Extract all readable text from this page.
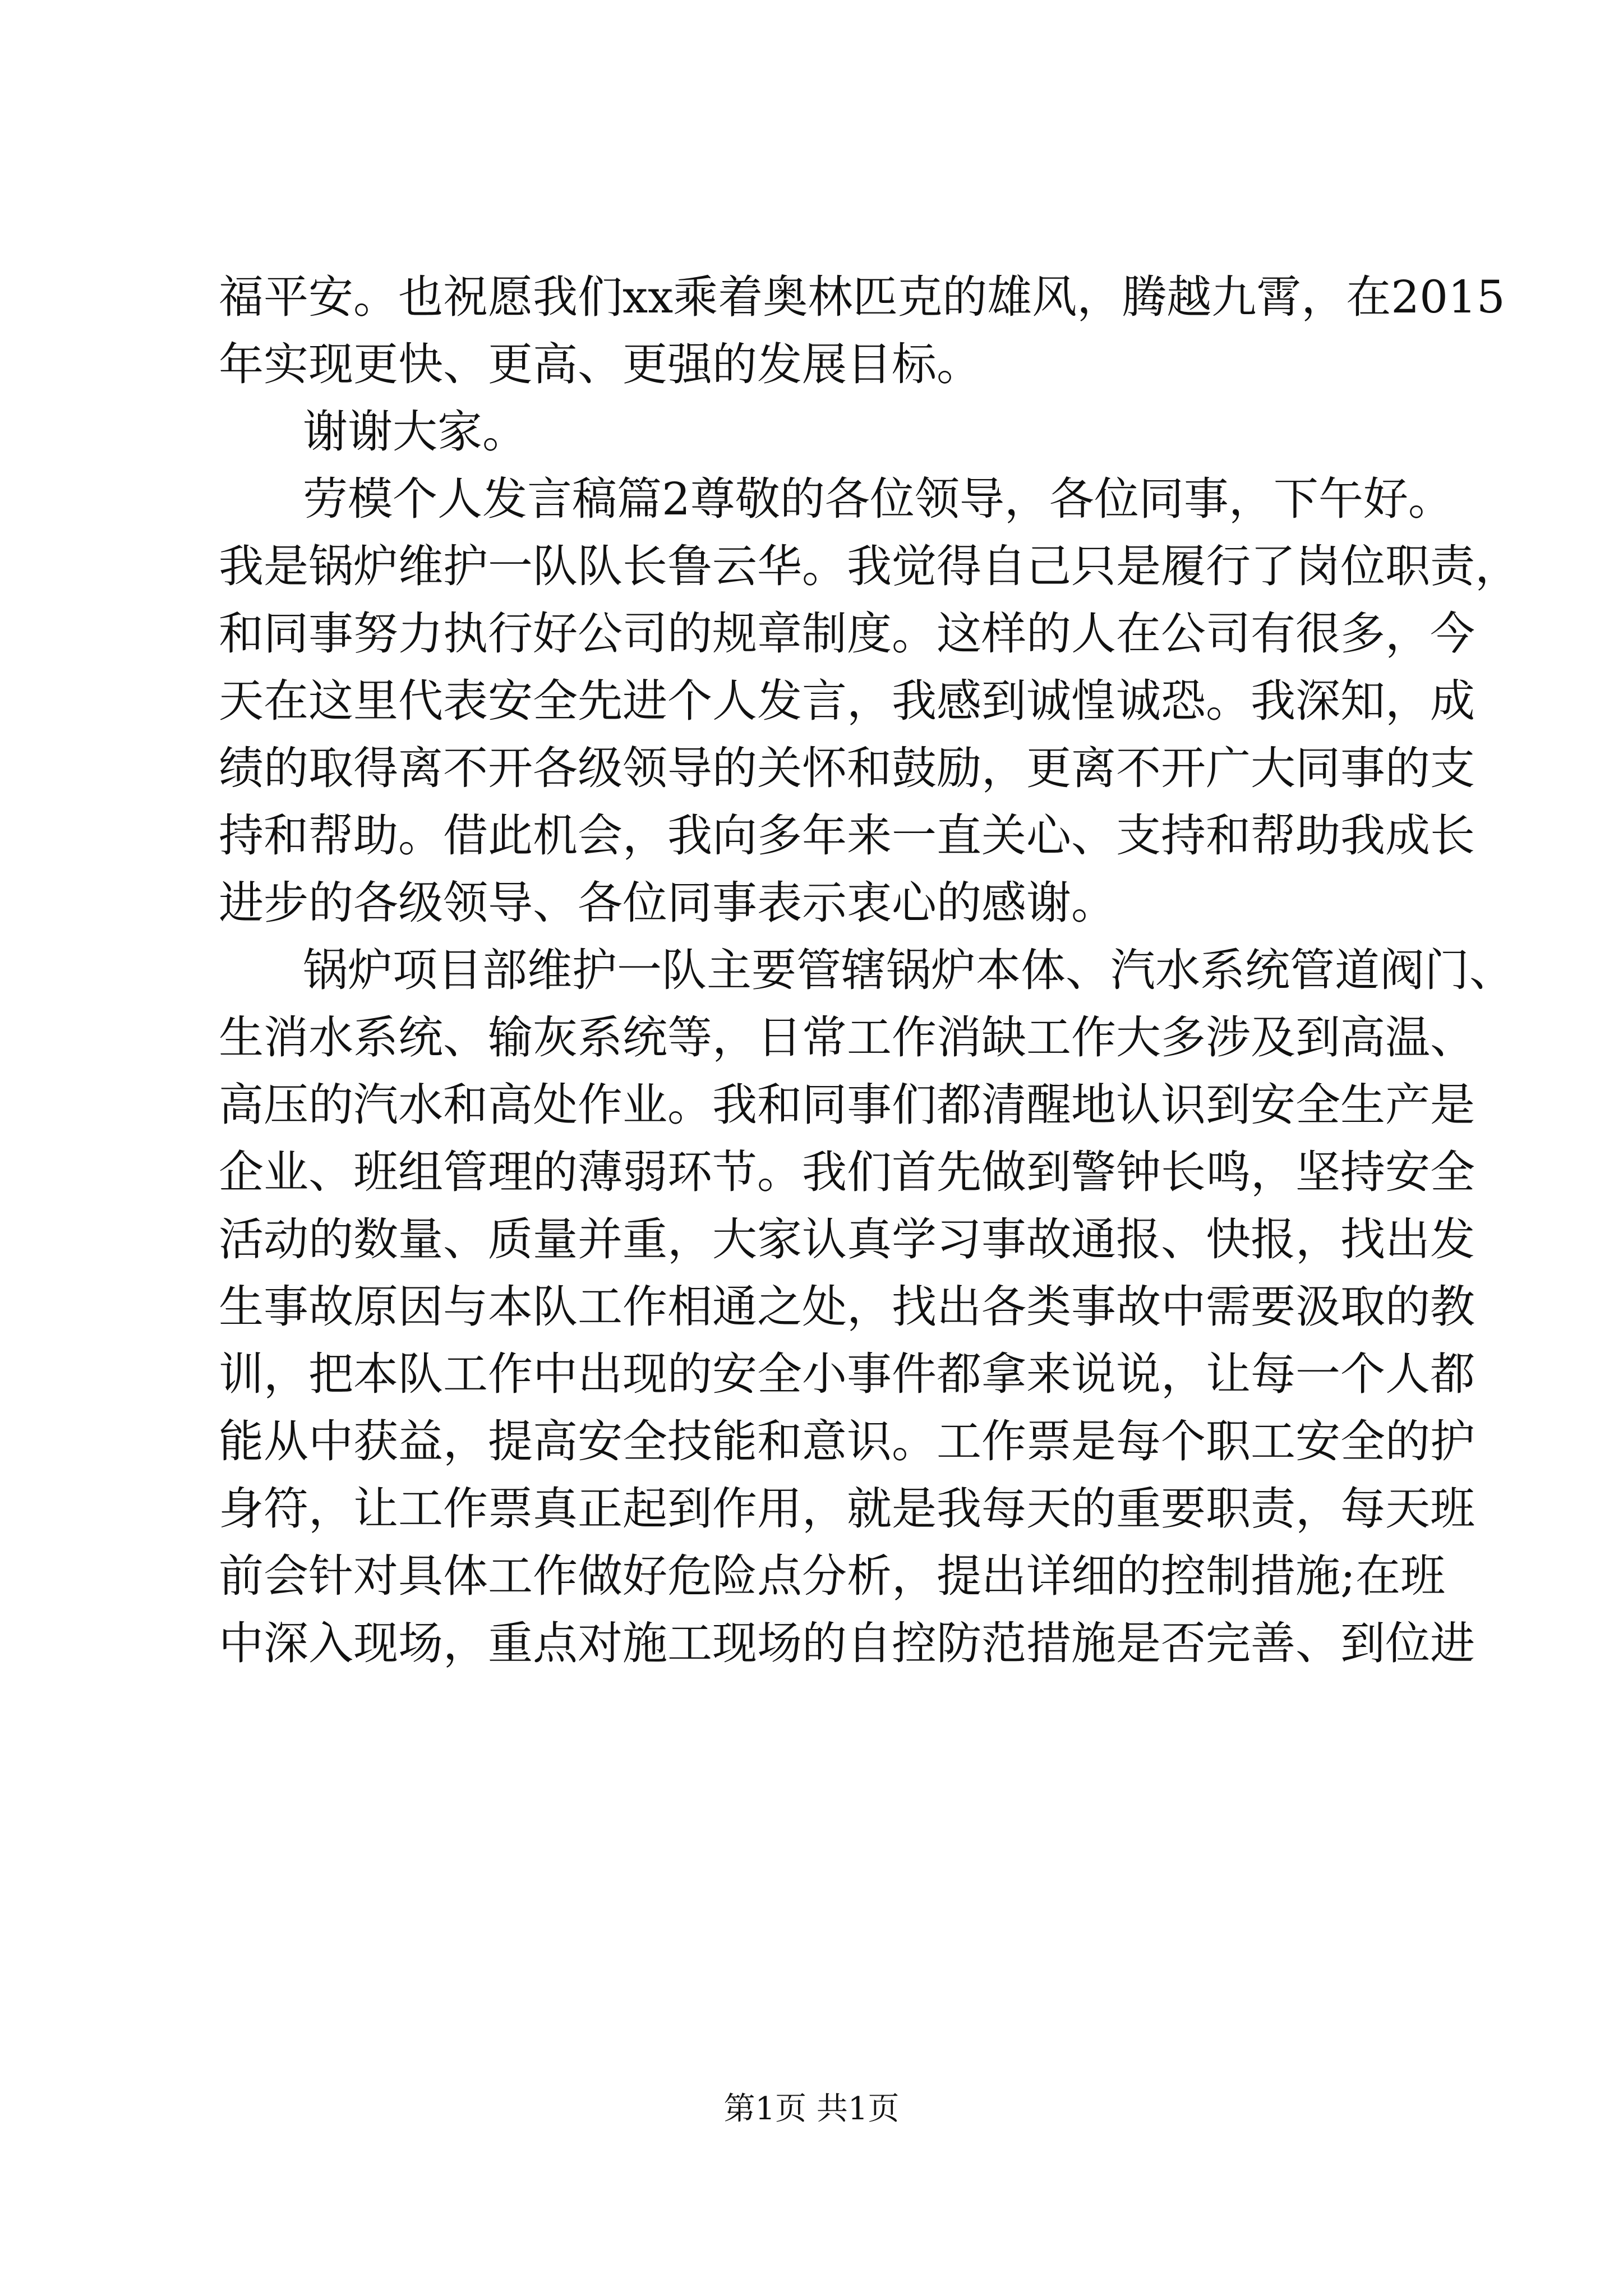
福平安。也祝愿我们xx乘着奥林匹克的雄风，腾越九霄，在2015
年实现更快、更高、更强的发展目标。
谢谢大家。
劳模个人发言稿篇2尊敬的各位领导，各位同事，下午好。
我是锅炉维护一队队长鲁云华。我觉得自己只是履行了岗位职责，
和同事努力执行好公司的规章制度。这样的人在公司有很多，今
天在这里代表安全先进个人发言，我感到诚惶诚恐。我深知，成
绩的取得离不开各级领导的关怀和鼓励，更离不开广大同事的支
持和帮助。借此机会，我向多年来一直关心、支持和帮助我成长
进步的各级领导、各位同事表示衷心的感谢。
锅炉项目部维护一队主要管辖锅炉本体、汽水系统管道阀门、
生消水系统、输灰系统等，日常工作消缺工作大多涉及到高温、
高压的汽水和高处作业。我和同事们都清醒地认识到安全生产是
企业、班组管理的薄弱环节。我们首先做到警钟长鸣，坚持安全
活动的数量、质量并重，大家认真学习事故通报、快报，找出发
生事故原因与本队工作相通之处，找出各类事故中需要汲取的教
训，把本队工作中出现的安全小事件都拿来说说，让每一个人都
能从中获益，提高安全技能和意识。工作票是每个职工安全的护
身符，让工作票真正起到作用，就是我每天的重要职责，每天班
前会针对具体工作做好危险点分析，提出详细的控制措施;在班
中深入现场，重点对施工现场的自控防范措施是否完善、到位进
第1页 共1页
